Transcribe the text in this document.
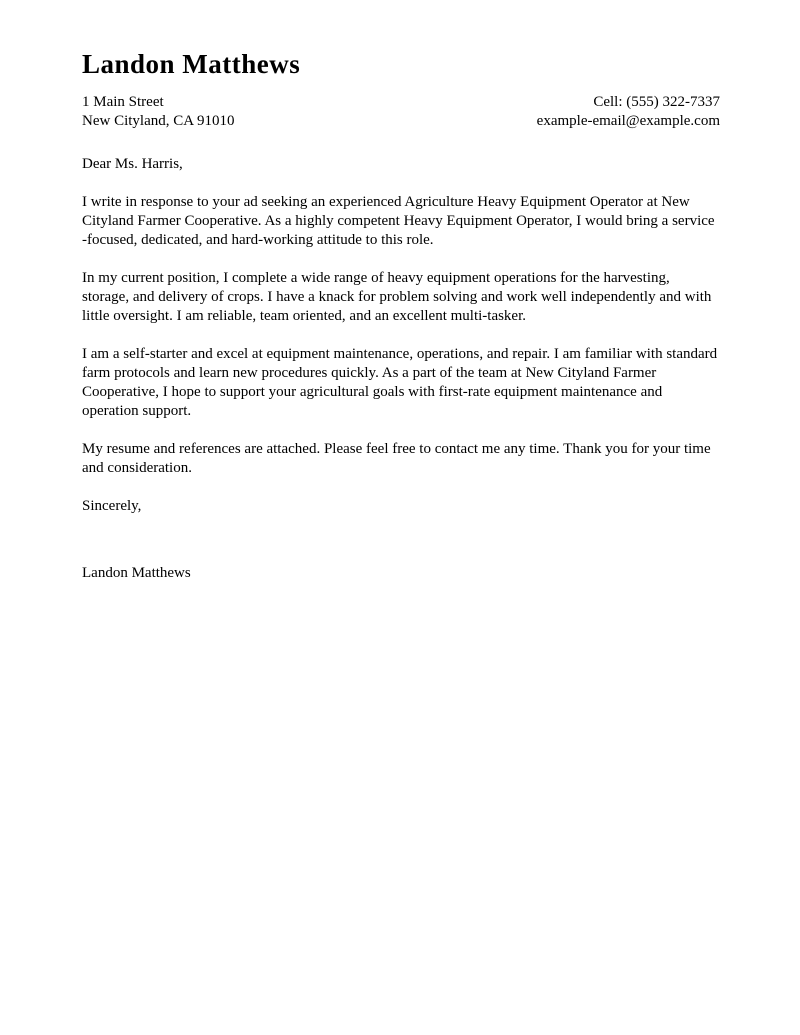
Landon Matthews
1 Main Street
New Cityland, CA 91010
Cell: (555) 322-7337
example-email@example.com

Dear Ms. Harris,

I write in response to your ad seeking an experienced Agriculture Heavy Equipment Operator at New Cityland Farmer Cooperative. As a highly competent Heavy Equipment Operator, I would bring a service -focused, dedicated, and hard-working attitude to this role.

In my current position, I complete a wide range of heavy equipment operations for the harvesting, storage, and delivery of crops. I have a knack for problem solving and work well independently and with little oversight. I am reliable, team oriented, and an excellent multi-tasker.

I am a self-starter and excel at equipment maintenance, operations, and repair. I am familiar with standard farm protocols and learn new procedures quickly. As a part of the team at New Cityland Farmer Cooperative, I hope to support your agricultural goals with first-rate equipment maintenance and operation support.

My resume and references are attached. Please feel free to contact me any time. Thank you for your time and consideration.

Sincerely,

Landon Matthews
